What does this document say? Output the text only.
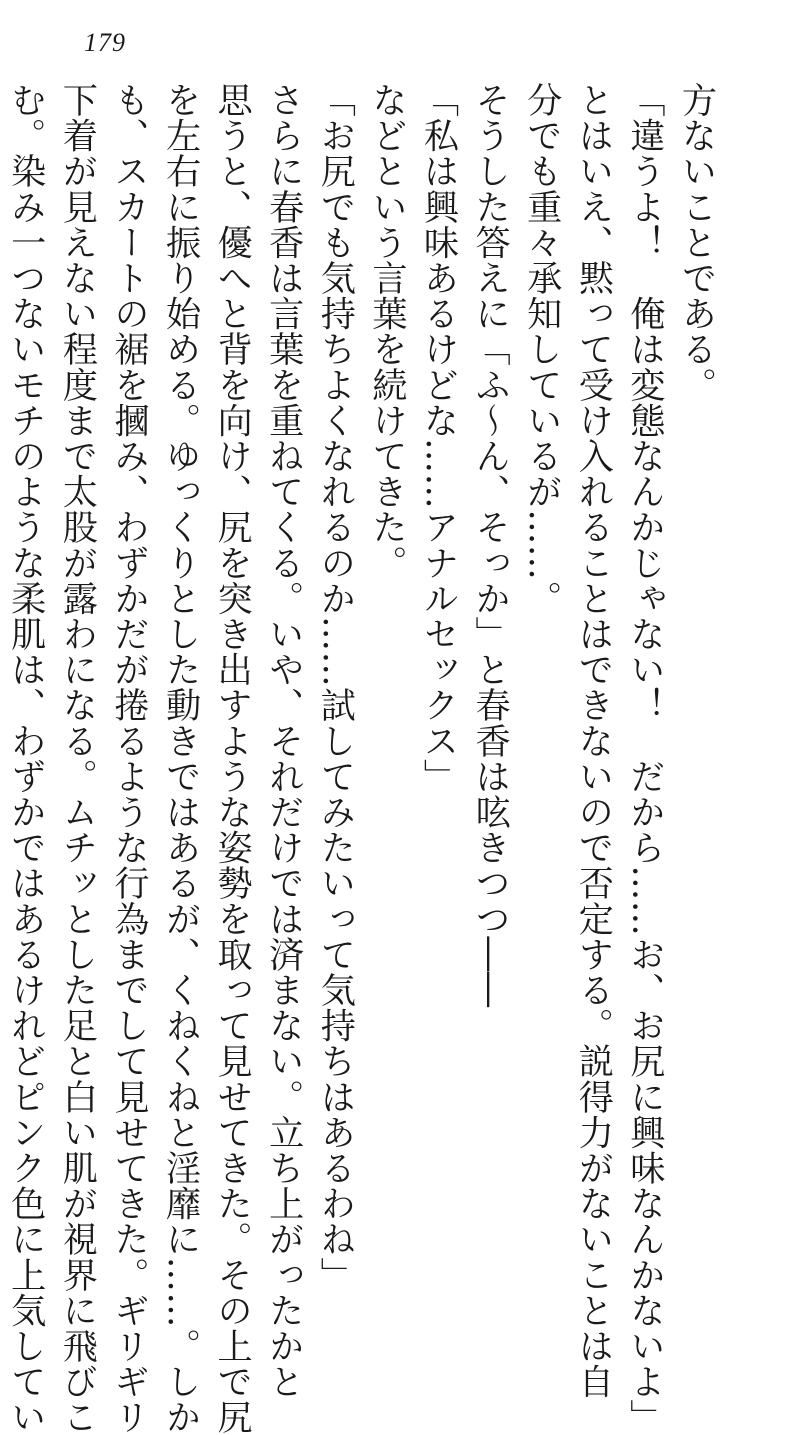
179
方ないことである。
「違うよ！　俺は変態なんかじゃない！　だから……お、お尻に興味なんかないよ」
とはいえ、黙って受け入れることはできないので否定する。説得力がないことは自
分でも重々承知しているが……。
そうした答えに「ふ〜ん、そっか」と春香は呟きつつ――
「私は興味あるけどな……アナルセックス」
などという言葉を続けてきた。
「お尻でも気持ちよくなれるのか……試してみたいって気持ちはあるわね」
さらに春香は言葉を重ねてくる。いや、それだけでは済まない。立ち上がったかと
思うと、優へと背を向け、尻を突き出すような姿勢を取って見せてきた。その上で尻
を左右に振り始める。ゆっくりとした動きではあるが、くねくねと淫靡に……。しか
も、スカートの裾を摑み、わずかだが捲るような行為までして見せてきた。ギリギリ
下着が見えない程度まで太股が露わになる。ムチッとした足と白い肌が視界に飛びこ
む。染み一つないモチのような柔肌は、わずかではあるけれどピンク色に上気してい
